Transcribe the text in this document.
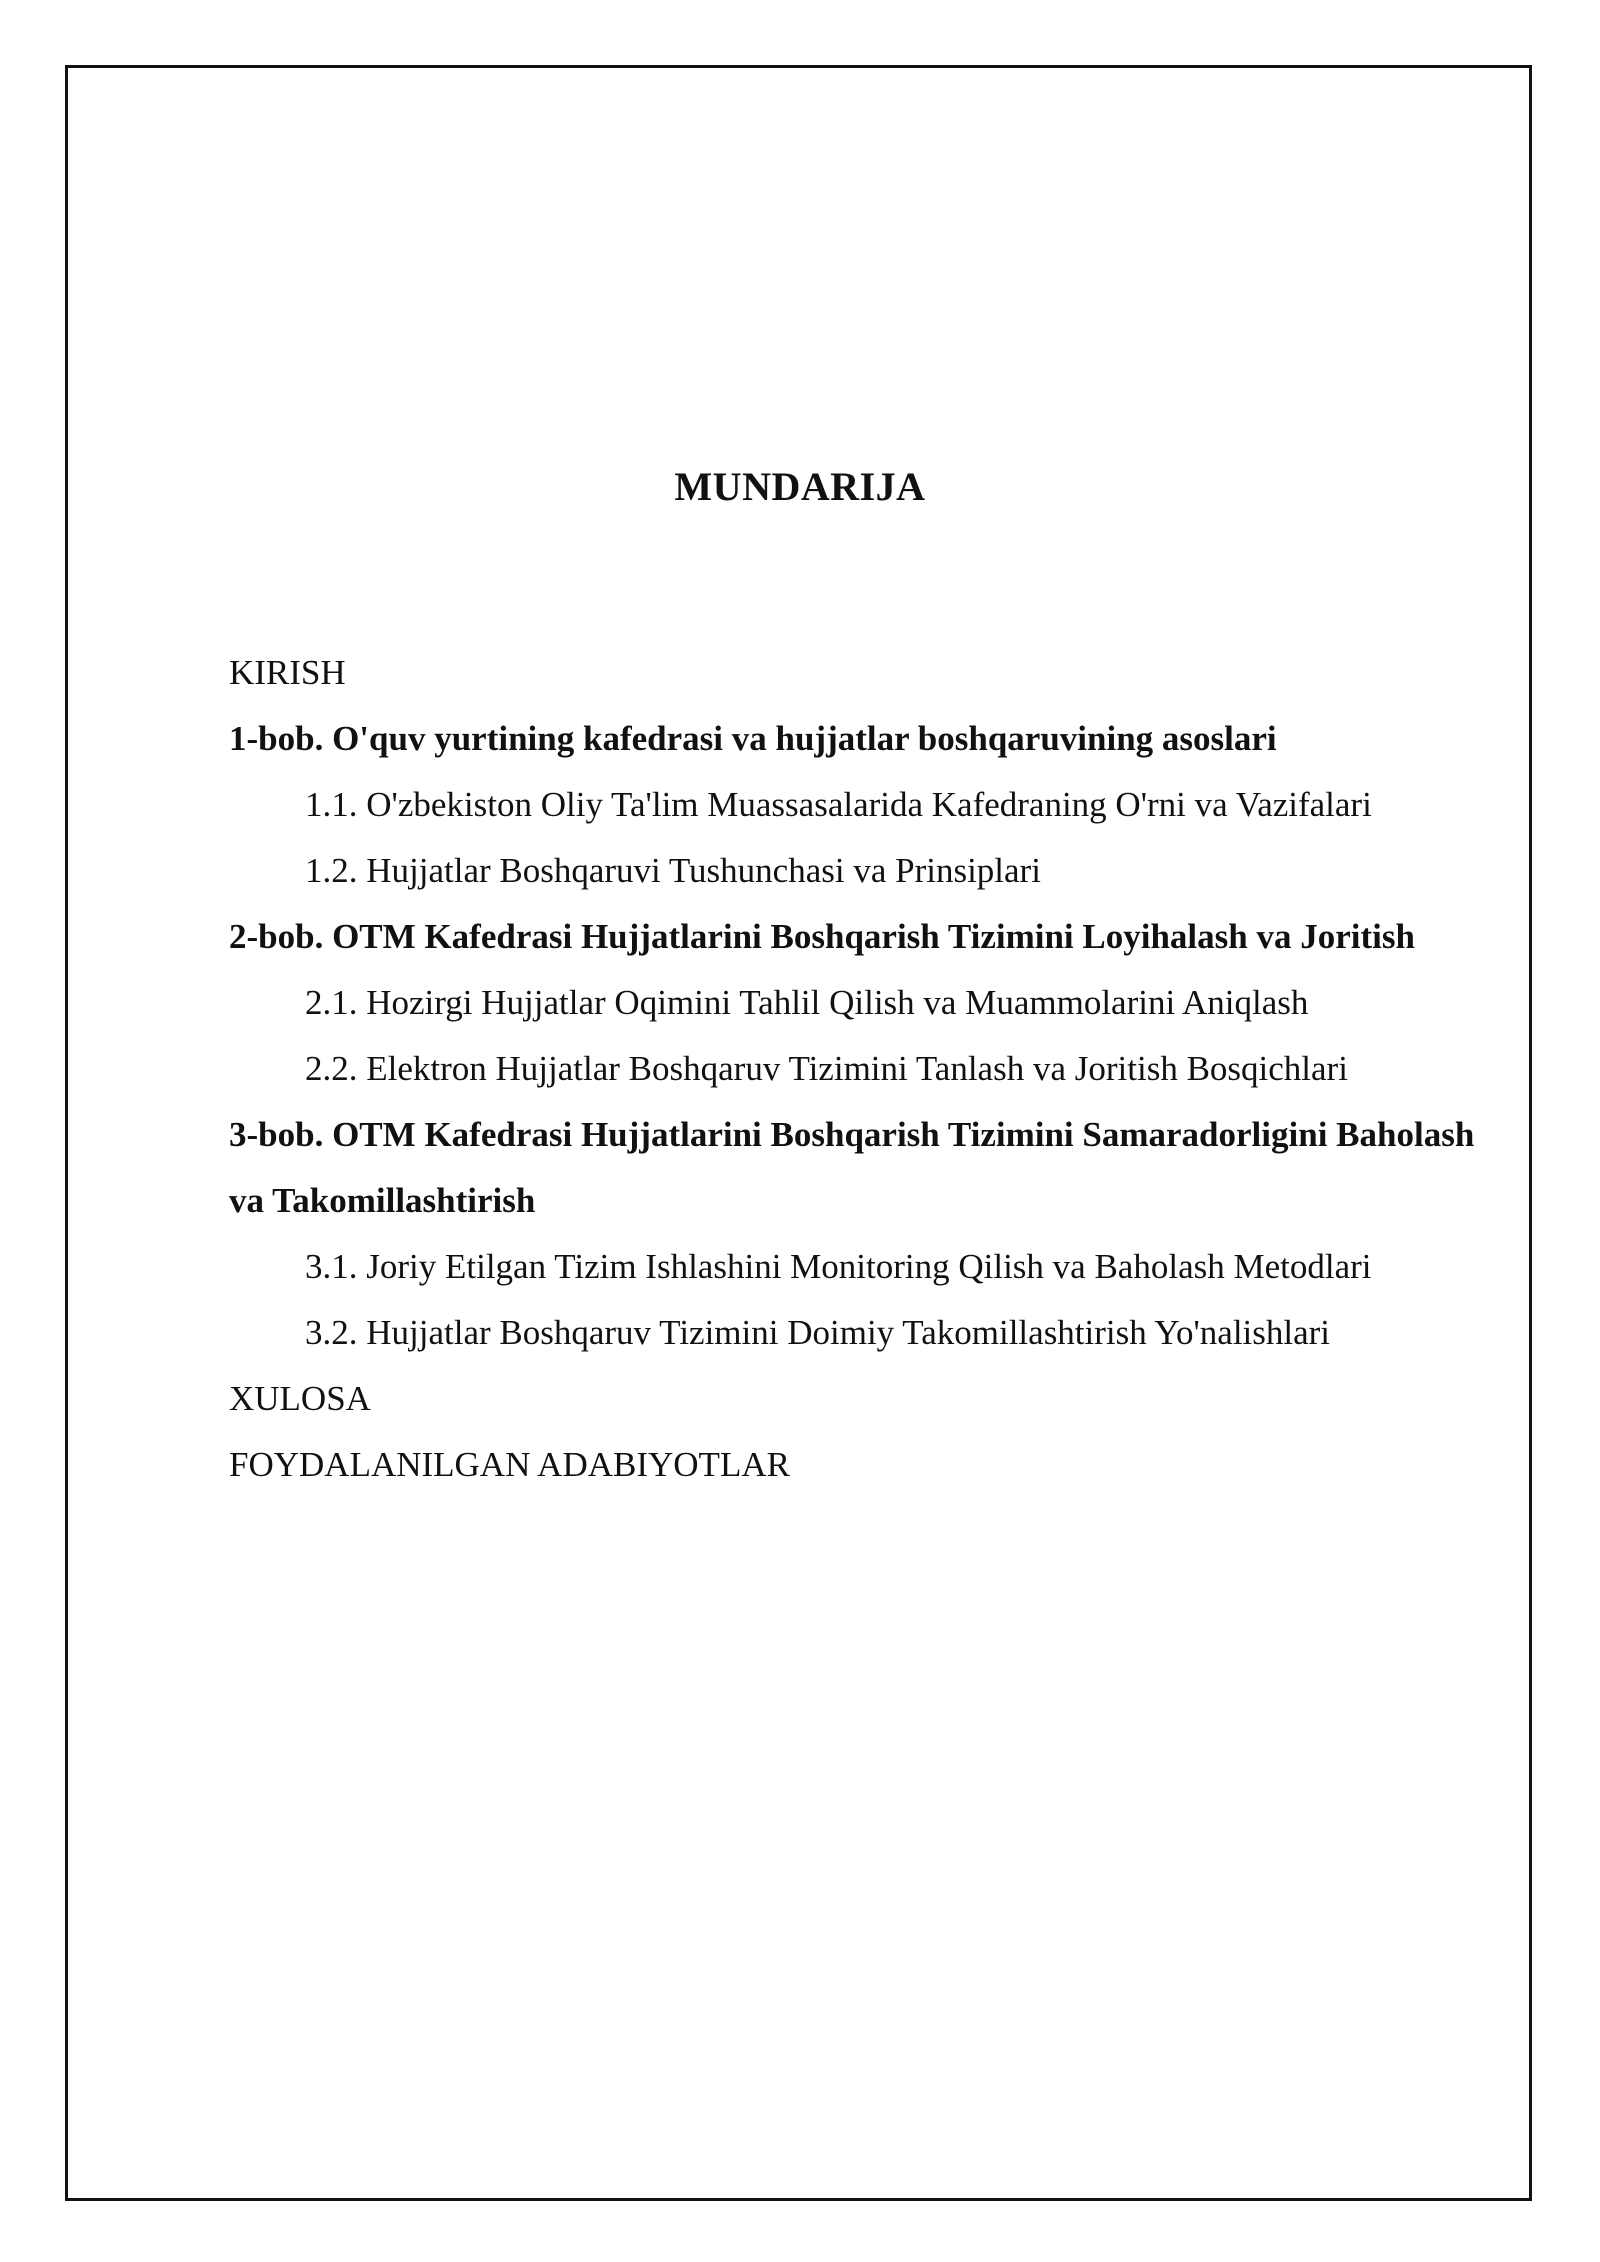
MUNDARIJA
KIRISH
1-bob. O'quv yurtining kafedrasi va hujjatlar boshqaruvining asoslari
1.1. O'zbekiston Oliy Ta'lim Muassasalarida Kafedraning O'rni va Vazifalari
1.2. Hujjatlar Boshqaruvi Tushunchasi va Prinsiplari
2-bob. OTM Kafedrasi Hujjatlarini Boshqarish Tizimini Loyihalash va Joritish
2.1. Hozirgi Hujjatlar Oqimini Tahlil Qilish va Muammolarini Aniqlash
2.2. Elektron Hujjatlar Boshqaruv Tizimini Tanlash va Joritish Bosqichlari
3-bob. OTM Kafedrasi Hujjatlarini Boshqarish Tizimini Samaradorligini Baholash va Takomillashtirish
3.1. Joriy Etilgan Tizim Ishlashini Monitoring Qilish va Baholash Metodlari
3.2. Hujjatlar Boshqaruv Tizimini Doimiy Takomillashtirish Yo'nalishlari
XULOSA
FOYDALANILGAN ADABIYOTLAR
